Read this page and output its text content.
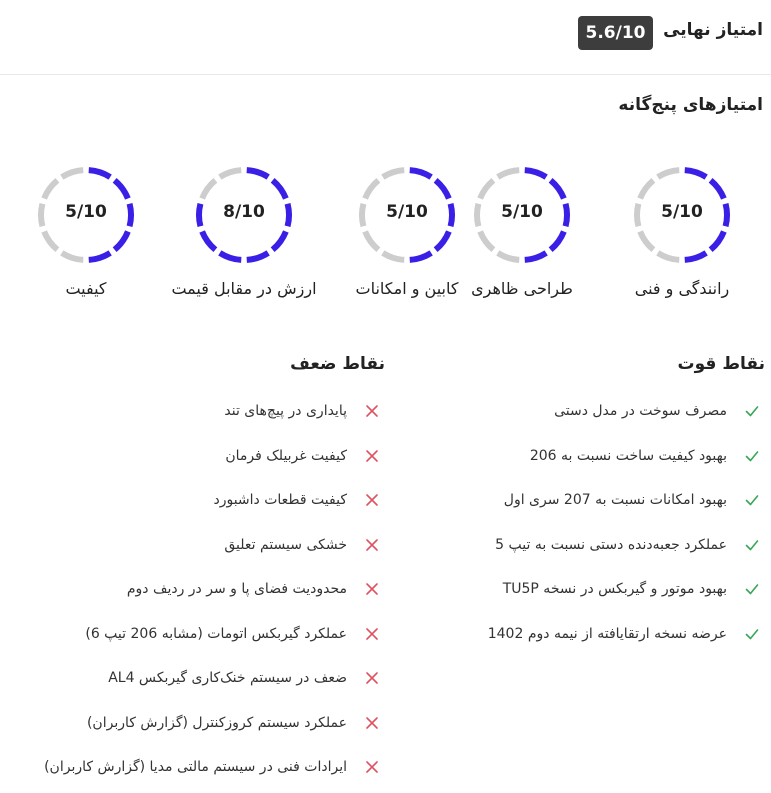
امتیاز نهایی
5.6/10
امتیازهای پنج‌گانه
5/10
رانندگی و فنی
5/10
طراحی ظاهری
5/10
کابین و امکانات
8/10
ارزش در مقابل قیمت
5/10
کیفیت
نقاط قوت
نقاط ضعف
مصرف سوخت در مدل دستی
بهبود کیفیت ساخت نسبت به 206
بهبود امکانات نسبت به 207 سری اول
عملکرد جعبه‌دنده دستی نسبت به تیپ 5
بهبود موتور و گیربکس در نسخه TU5P
عرضه نسخه ارتقایافته از نیمه دوم 1402
پایداری در پیچ‌های تند
کیفیت غربیلک فرمان
کیفیت قطعات داشبورد
خشکی سیستم تعلیق
محدودیت فضای پا و سر در ردیف دوم
عملکرد گیربکس اتومات (مشابه 206 تیپ 6)
ضعف در سیستم خنک‌کاری گیربکس AL4
عملکرد سیستم کروزکنترل (گزارش کاربران)
ایرادات فنی در سیستم مالتی مدیا (گزارش کاربران)
